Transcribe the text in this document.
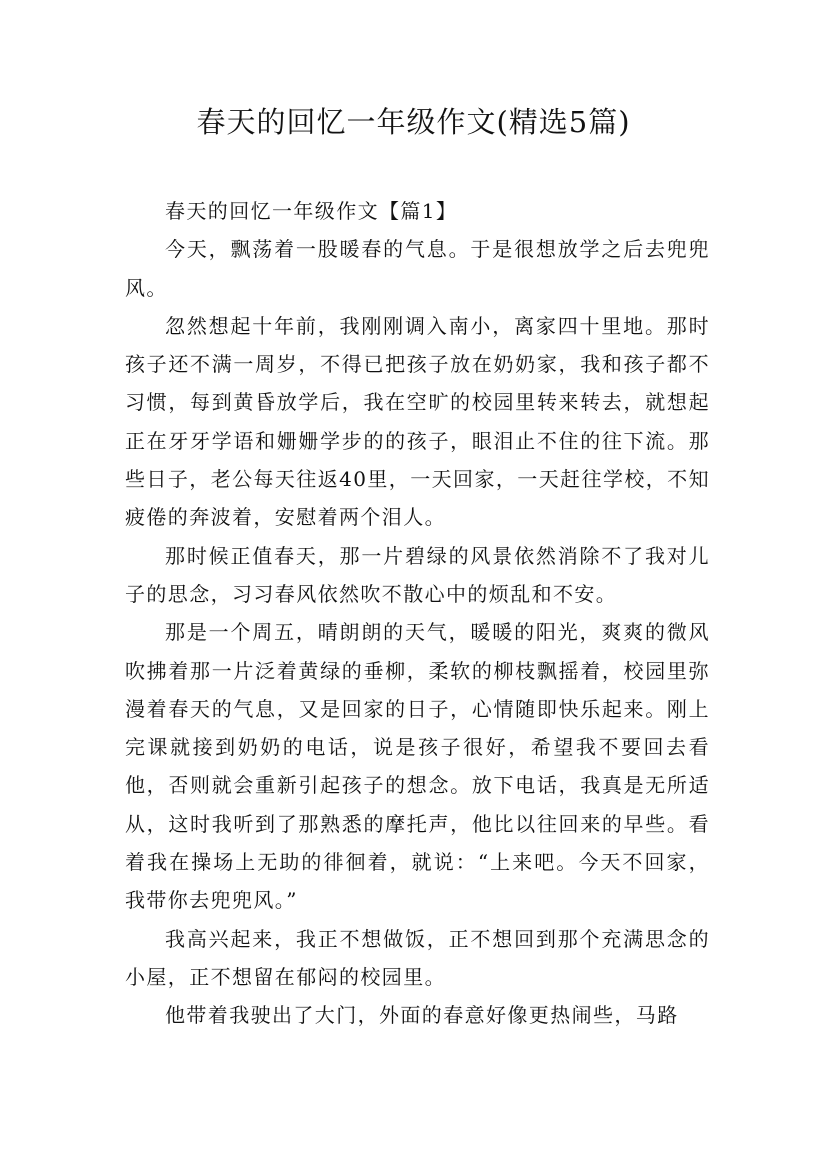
春天的回忆一年级作文(精选5篇)

春天的回忆一年级作文【篇1】

今天，飘荡着一股暖春的气息。于是很想放学之后去兜兜风。

忽然想起十年前，我刚刚调入南小，离家四十里地。那时孩子还不满一周岁，不得已把孩子放在奶奶家，我和孩子都不习惯，每到黄昏放学后，我在空旷的校园里转来转去，就想起正在牙牙学语和姗姗学步的的孩子，眼泪止不住的往下流。那些日子，老公每天往返40里，一天回家，一天赶往学校，不知疲倦的奔波着，安慰着两个泪人。

那时候正值春天，那一片碧绿的风景依然消除不了我对儿子的思念，习习春风依然吹不散心中的烦乱和不安。

那是一个周五，晴朗朗的天气，暖暖的阳光，爽爽的微风吹拂着那一片泛着黄绿的垂柳，柔软的柳枝飘摇着，校园里弥漫着春天的气息，又是回家的日子，心情随即快乐起来。刚上完课就接到奶奶的电话，说是孩子很好，希望我不要回去看他，否则就会重新引起孩子的想念。放下电话，我真是无所适从，这时我听到了那熟悉的摩托声，他比以往回来的早些。看着我在操场上无助的徘徊着，就说：“上来吧。今天不回家，我带你去兜兜风。”

我高兴起来，我正不想做饭，正不想回到那个充满思念的小屋，正不想留在郁闷的校园里。

他带着我驶出了大门，外面的春意好像更热闹些，马路
